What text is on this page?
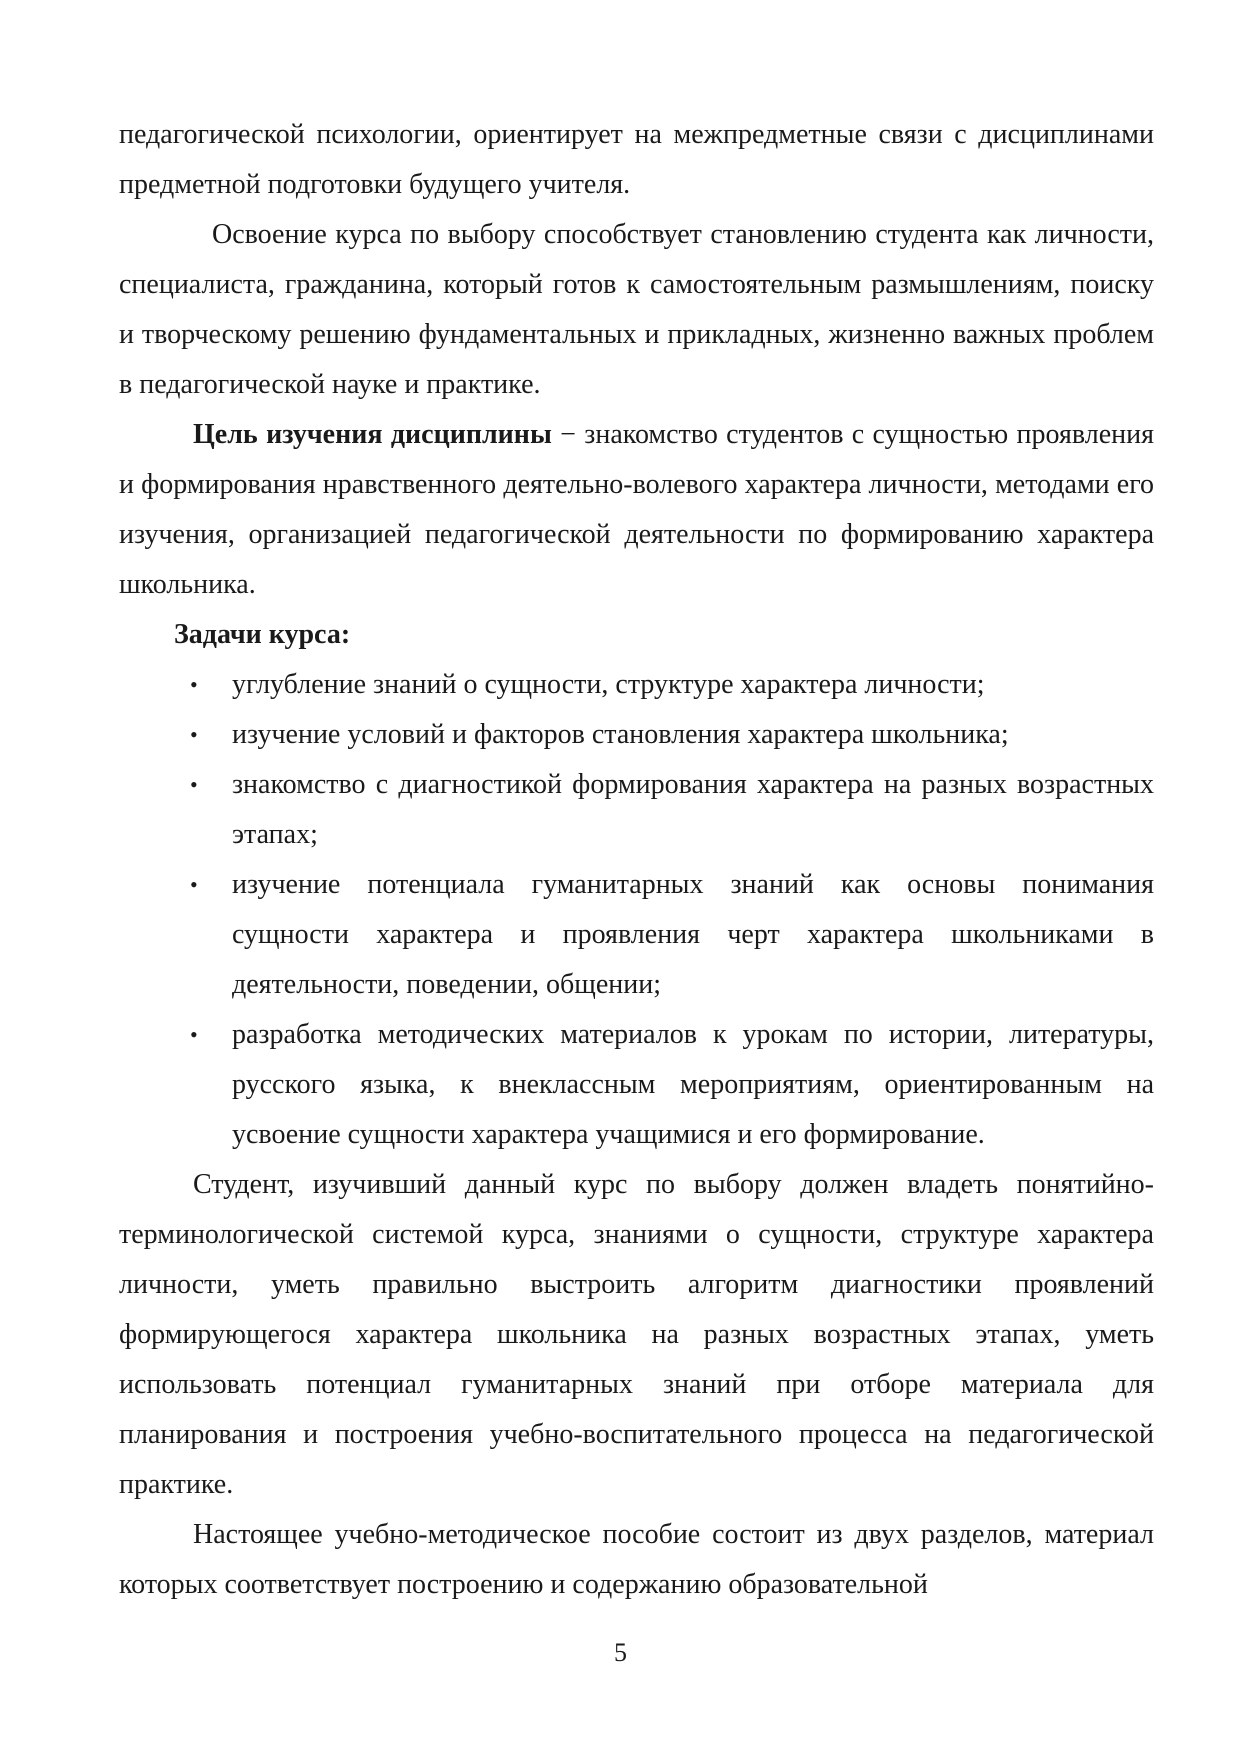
педагогической психологии, ориентирует на межпредметные связи с дисциплинами предметной подготовки будущего учителя.

Освоение курса по выбору способствует становлению студента как личности, специалиста, гражданина, который готов к самостоятельным размышлениям, поиску и творческому решению фундаментальных и прикладных, жизненно важных проблем в педагогической науке и практике.

Цель изучения дисциплины − знакомство студентов с сущностью проявления и формирования нравственного деятельно-волевого характера личности, методами его изучения, организацией педагогической деятельности по формированию характера школьника.

Задачи курса:

• углубление знаний о сущности, структуре характера личности;
• изучение условий и факторов становления характера школьника;
• знакомство с диагностикой формирования характера на разных возрастных этапах;
• изучение потенциала гуманитарных знаний как основы понимания сущности характера и проявления черт характера школьниками в деятельности, поведении, общении;
• разработка методических материалов к урокам по истории, литературы, русского языка, к внеклассным мероприятиям, ориентированным на усвоение сущности характера учащимися и его формирование.

Студент, изучивший данный курс по выбору должен владеть понятийно-терминологической системой курса, знаниями о сущности, структуре характера личности, уметь правильно выстроить алгоритм диагностики проявлений формирующегося характера школьника на разных возрастных этапах, уметь использовать потенциал гуманитарных знаний при отборе материала для планирования и построения учебно-воспитательного процесса на педагогической практике.

Настоящее учебно-методическое пособие состоит из двух разделов, материал которых соответствует построению и содержанию образовательной

5
